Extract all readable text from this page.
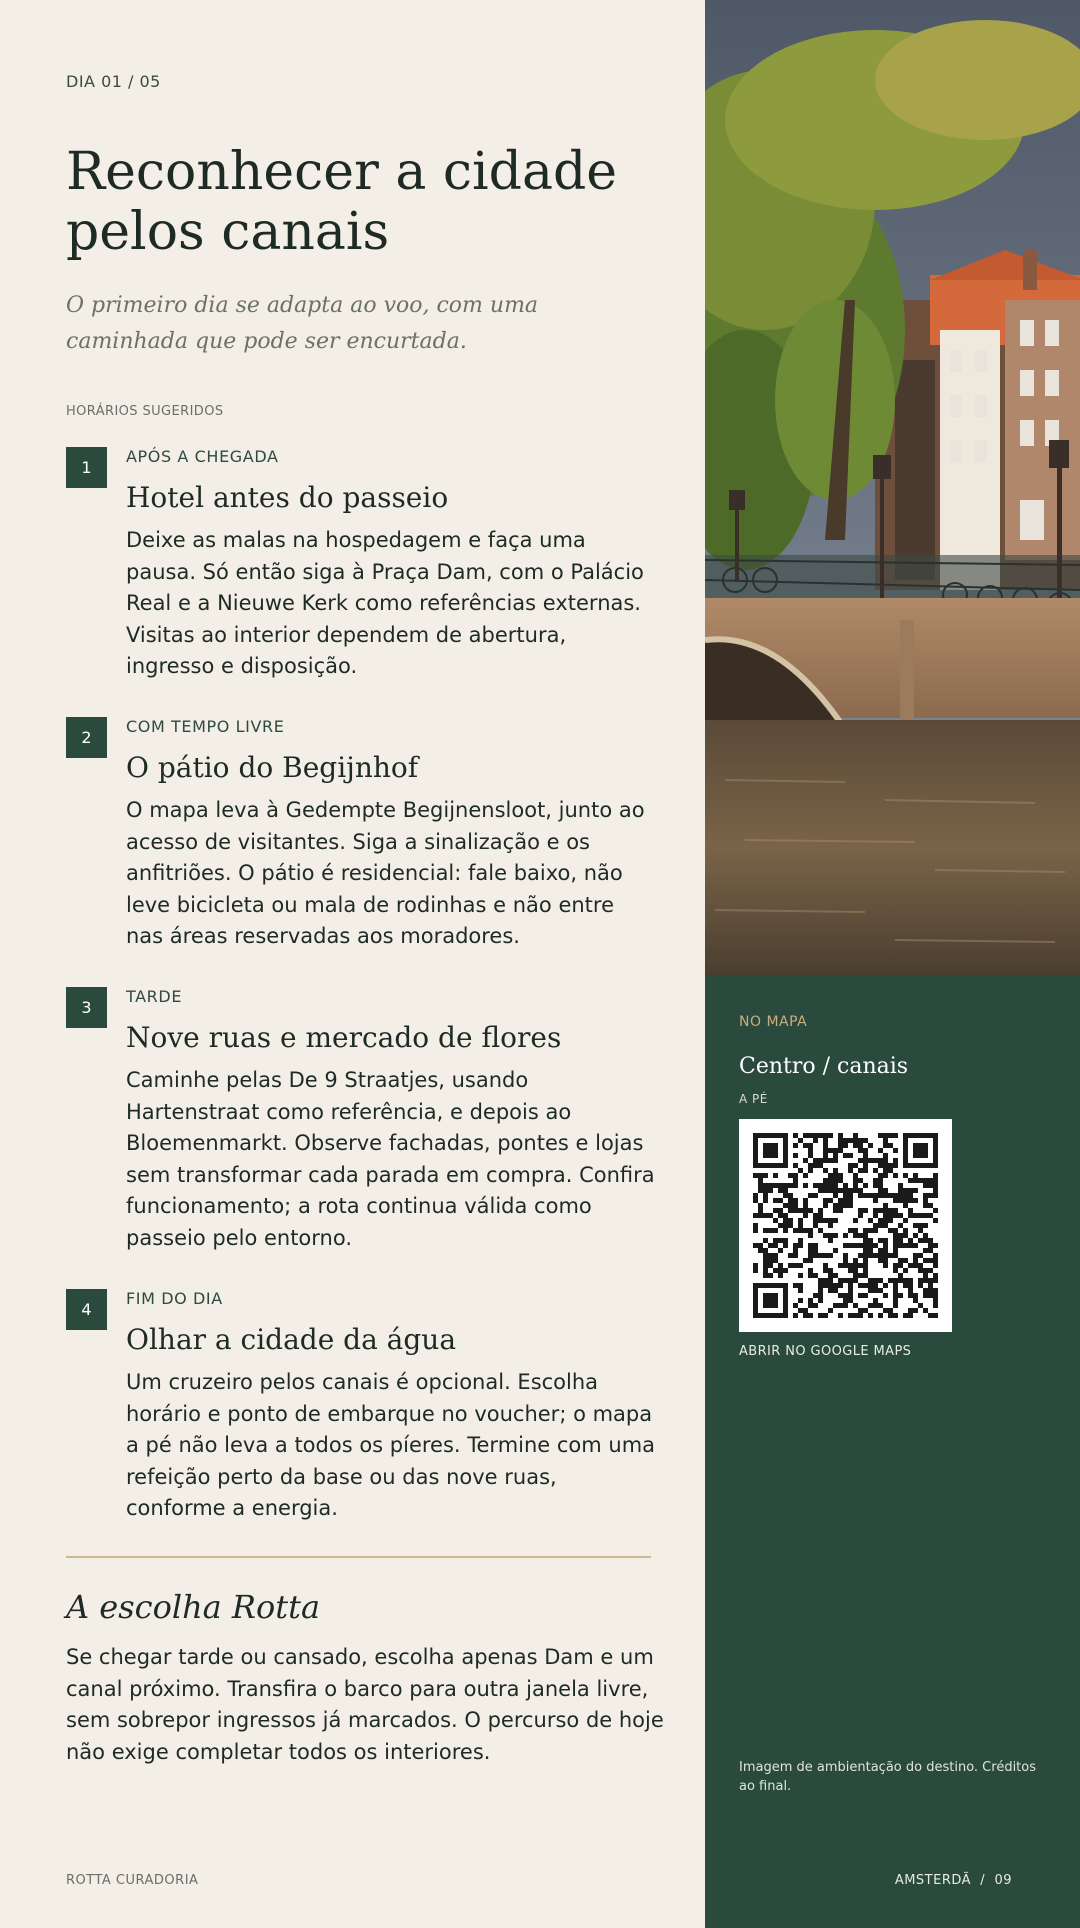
DIA 01 / 05
Reconhecer a cidade pelos canais

O primeiro dia se adapta ao voo, com uma caminhada que pode ser encurtada.

HORÁRIOS SUGERIDOS
1
APÓS A CHEGADA
Hotel antes do passeio

Deixe as malas na hospedagem e faça uma pausa. Só então siga à Praça Dam, com o Palácio Real e a Nieuwe Kerk como referências externas. Visitas ao interior dependem de abertura, ingresso e disposição.

2
COM TEMPO LIVRE
O pátio do Begijnhof

O mapa leva à Gedempte Begijnensloot, junto ao acesso de visitantes. Siga a sinalização e os anfitriões. O pátio é residencial: fale baixo, não leve bicicleta ou mala de rodinhas e não entre nas áreas reservadas aos moradores.

3
TARDE
Nove ruas e mercado de flores

Caminhe pelas De 9 Straatjes, usando Hartenstraat como referência, e depois ao Bloemenmarkt. Observe fachadas, pontes e lojas sem transformar cada parada em compra. Confira funcionamento; a rota continua válida como passeio pelo entorno.

4
FIM DO DIA
Olhar a cidade da água

Um cruzeiro pelos canais é opcional. Escolha horário e ponto de embarque no voucher; o mapa a pé não leva a todos os píeres. Termine com uma refeição perto da base ou das nove ruas, conforme a energia.

A escolha Rotta

Se chegar tarde ou cansado, escolha apenas Dam e um canal próximo. Transfira o barco para outra janela livre, sem sobrepor ingressos já marcados. O percurso de hoje não exige completar todos os interiores.

ROTTA CURADORIA
NO MAPA
Centro / canais
A PÉ
ABRIR NO GOOGLE MAPS
Imagem de ambientação do destino. Créditos ao final.
AMSTERDÃ  /  09
